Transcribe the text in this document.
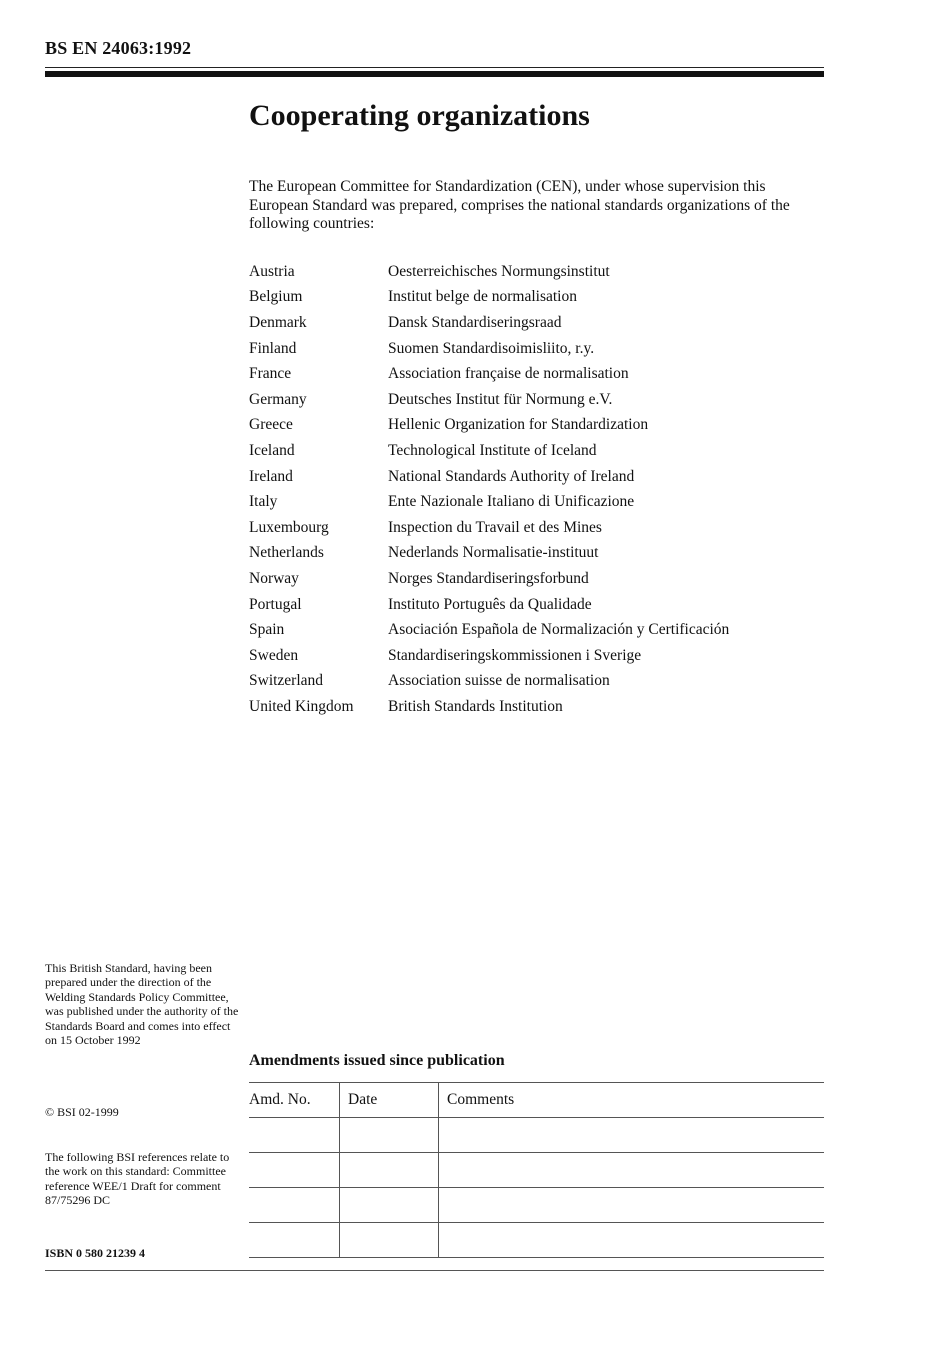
BS EN 24063:1992
Cooperating organizations

The European Committee for Standardization (CEN), under whose supervision this European Standard was prepared, comprises the national standards organizations of the following countries:

Austria	Oesterreichisches Normungsinstitut
Belgium	Institut belge de normalisation
Denmark	Dansk Standardiseringsraad
Finland	Suomen Standardisoimisliito, r.y.
France	Association française de normalisation
Germany	Deutsches Institut für Normung e.V.
Greece	Hellenic Organization for Standardization
Iceland	Technological Institute of Iceland
Ireland	National Standards Authority of Ireland
Italy	Ente Nazionale Italiano di Unificazione
Luxembourg	Inspection du Travail et des Mines
Netherlands	Nederlands Normalisatie-instituut
Norway	Norges Standardiseringsforbund
Portugal	Instituto Português da Qualidade
Spain	Asociación Española de Normalización y Certificación
Sweden	Standardiseringskommissionen i Sverige
Switzerland	Association suisse de normalisation
United Kingdom	British Standards Institution

This British Standard, having been prepared under the direction of the Welding Standards Policy Committee, was published under the authority of the Standards Board and comes into effect on 15 October 1992

© BSI 02-1999

The following BSI references relate to the work on this standard: Committee reference WEE/1 Draft for comment 87/75296 DC

ISBN 0 580 21239 4

Amendments issued since publication
Amd. No.	Date	Comments
